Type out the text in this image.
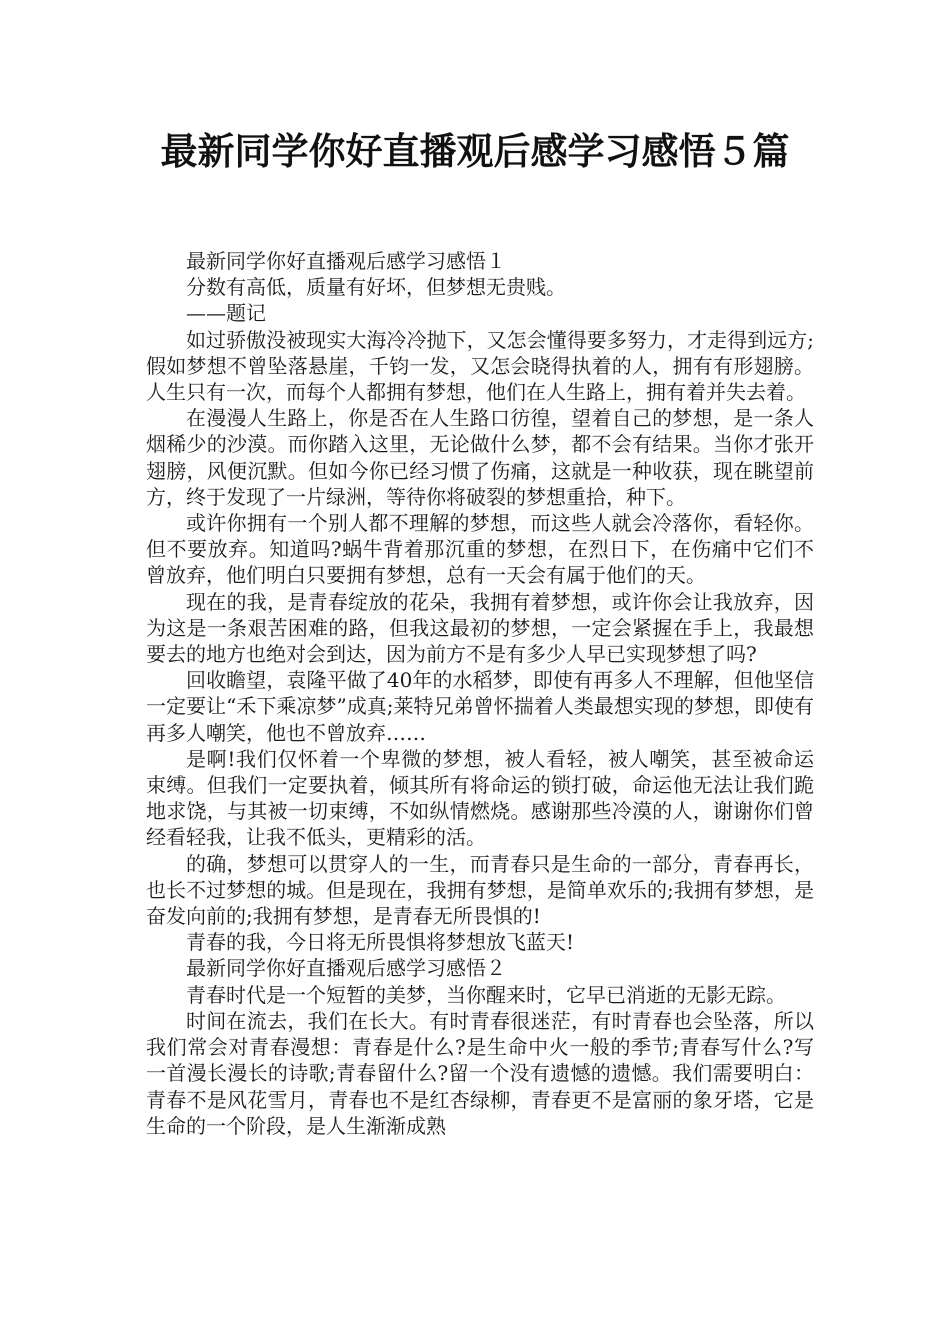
最新同学你好直播观后感学习感悟５篇

最新同学你好直播观后感学习感悟１

分数有高低，质量有好坏，但梦想无贵贱。

——题记

如过骄傲没被现实大海冷冷抛下，又怎会懂得要多努力，才走得到远方;假如梦想不曾坠落悬崖，千钧一发，又怎会晓得执着的人，拥有有形翅膀。人生只有一次，而每个人都拥有梦想，他们在人生路上，拥有着并失去着。

在漫漫人生路上，你是否在人生路口彷徨，望着自己的梦想，是一条人烟稀少的沙漠。而你踏入这里，无论做什么梦，都不会有结果。当你才张开翅膀，风便沉默。但如今你已经习惯了伤痛，这就是一种收获，现在眺望前方，终于发现了一片绿洲，等待你将破裂的梦想重拾，种下。

或许你拥有一个别人都不理解的梦想，而这些人就会冷落你，看轻你。但不要放弃。知道吗?蜗牛背着那沉重的梦想，在烈日下，在伤痛中它们不曾放弃，他们明白只要拥有梦想，总有一天会有属于他们的天。

现在的我，是青春绽放的花朵，我拥有着梦想，或许你会让我放弃，因为这是一条艰苦困难的路，但我这最初的梦想，一定会紧握在手上，我最想要去的地方也绝对会到达，因为前方不是有多少人早已实现梦想了吗?

回收瞻望，袁隆平做了40年的水稻梦，即使有再多人不理解，但他坚信一定要让“禾下乘凉梦”成真;莱特兄弟曾怀揣着人类最想实现的梦想，即使有再多人嘲笑，他也不曾放弃……

是啊!我们仅怀着一个卑微的梦想，被人看轻，被人嘲笑，甚至被命运束缚。但我们一定要执着，倾其所有将命运的锁打破，命运他无法让我们跪地求饶，与其被一切束缚，不如纵情燃烧。感谢那些冷漠的人，谢谢你们曾经看轻我，让我不低头，更精彩的活。

的确，梦想可以贯穿人的一生，而青春只是生命的一部分，青春再长，也长不过梦想的城。但是现在，我拥有梦想，是简单欢乐的;我拥有梦想，是奋发向前的;我拥有梦想，是青春无所畏惧的!

青春的我，今日将无所畏惧将梦想放飞蓝天!

最新同学你好直播观后感学习感悟２

青春时代是一个短暂的美梦，当你醒来时，它早已消逝的无影无踪。

时间在流去，我们在长大。有时青春很迷茫，有时青春也会坠落，所以我们常会对青春漫想：青春是什么?是生命中火一般的季节;青春写什么?写一首漫长漫长的诗歌;青春留什么?留一个没有遗憾的遗憾。我们需要明白：青春不是风花雪月，青春也不是红杏绿柳，青春更不是富丽的象牙塔，它是生命的一个阶段，是人生渐渐成熟
